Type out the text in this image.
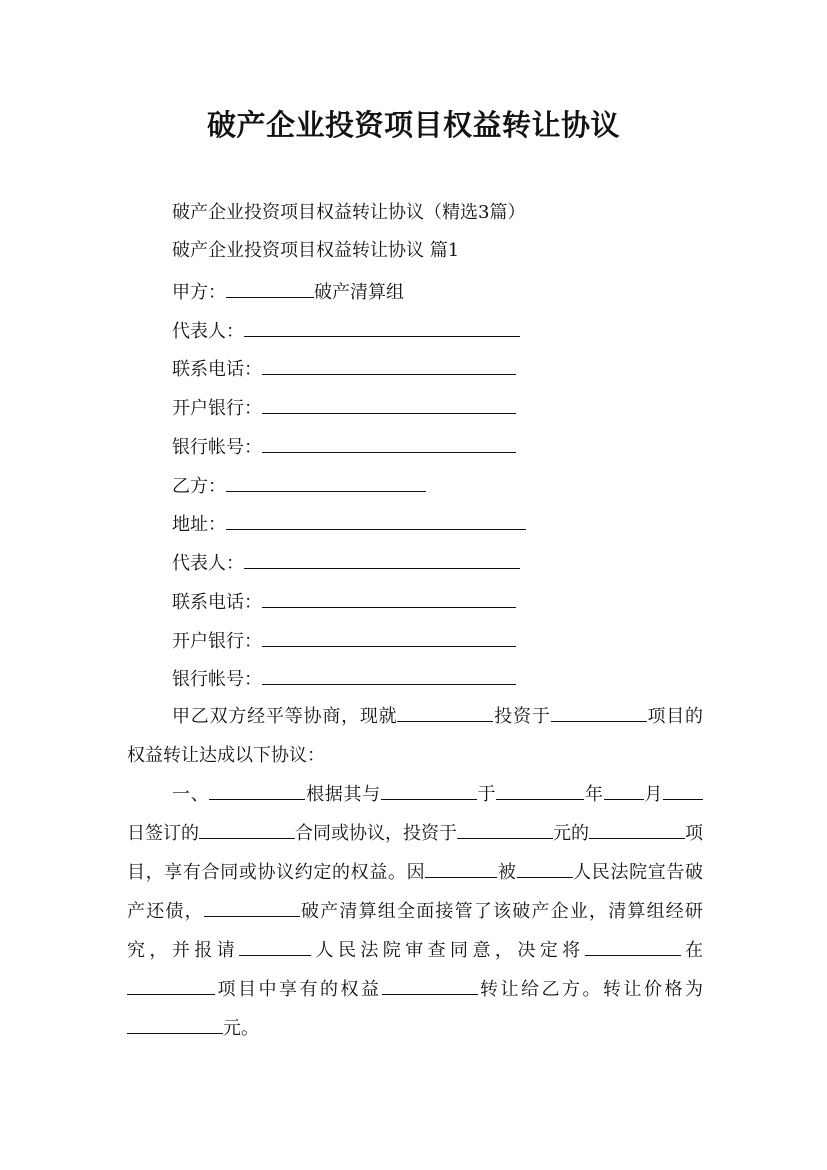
破产企业投资项目权益转让协议
破产企业投资项目权益转让协议（精选3篇）
破产企业投资项目权益转让协议 篇1
甲方：	破产清算组
代表人：
联系电话：
开户银行：
银行帐号：
乙方：
地址：
代表人：
联系电话：
开户银行：
银行帐号：
甲乙双方经平等协商，现就	投资于	项目的权益转让达成以下协议：
一、	根据其与	于	年 月日签订的	合同或协议，投资于	元的	项目，享有合同或协议约定的权益。因	被	人民法院宣告破产还债，	破产清算组全面接管了该破产企业，清算组经研究，并报请	人民法院审查同意，决定将	在项目中享有的权益	转让给乙方。转让价格为元。
